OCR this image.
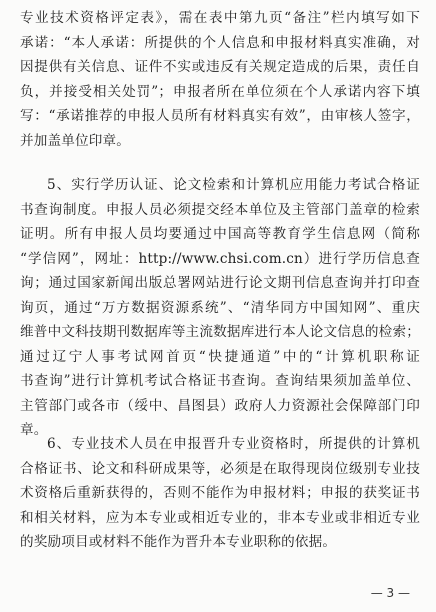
专业技术资格评定表》，需在表中第九页“备注”栏内填写如下
承诺：“本人承诺：所提供的个人信息和申报材料真实准确，对
因提供有关信息、证件不实或违反有关规定造成的后果，责任自
负，并接受相关处罚”；申报者所在单位须在个人承诺内容下填
写：“承诺推荐的申报人员所有材料真实有效”，由审核人签字，
并加盖单位印章。
5、实行学历认证、论文检索和计算机应用能力考试合格证
书查询制度。申报人员必须提交经本单位及主管部门盖章的检索
证明。所有申报人员均要通过中国高等教育学生信息网（简称
“学信网”，网址：http://www.chsi.com.cn）进行学历信息查
询；通过国家新闻出版总署网站进行论文期刊信息查询并打印查
询页，通过“万方数据资源系统”、“清华同方中国知网”、重庆
维普中文科技期刊数据库等主流数据库进行本人论文信息的检索；
通过辽宁人事考试网首页“快捷通道”中的“计算机职称证
书查询”进行计算机考试合格证书查询。查询结果须加盖单位、
主管部门或各市（绥中、昌图县）政府人力资源社会保障部门印
章。
6、专业技术人员在申报晋升专业资格时，所提供的计算机
合格证书、论文和科研成果等，必须是在取得现岗位级别专业技
术资格后重新获得的，否则不能作为申报材料；申报的获奖证书
和相关材料，应为本专业或相近专业的，非本专业或非相近专业
的奖励项目或材料不能作为晋升本专业职称的依据。
— 3 —
